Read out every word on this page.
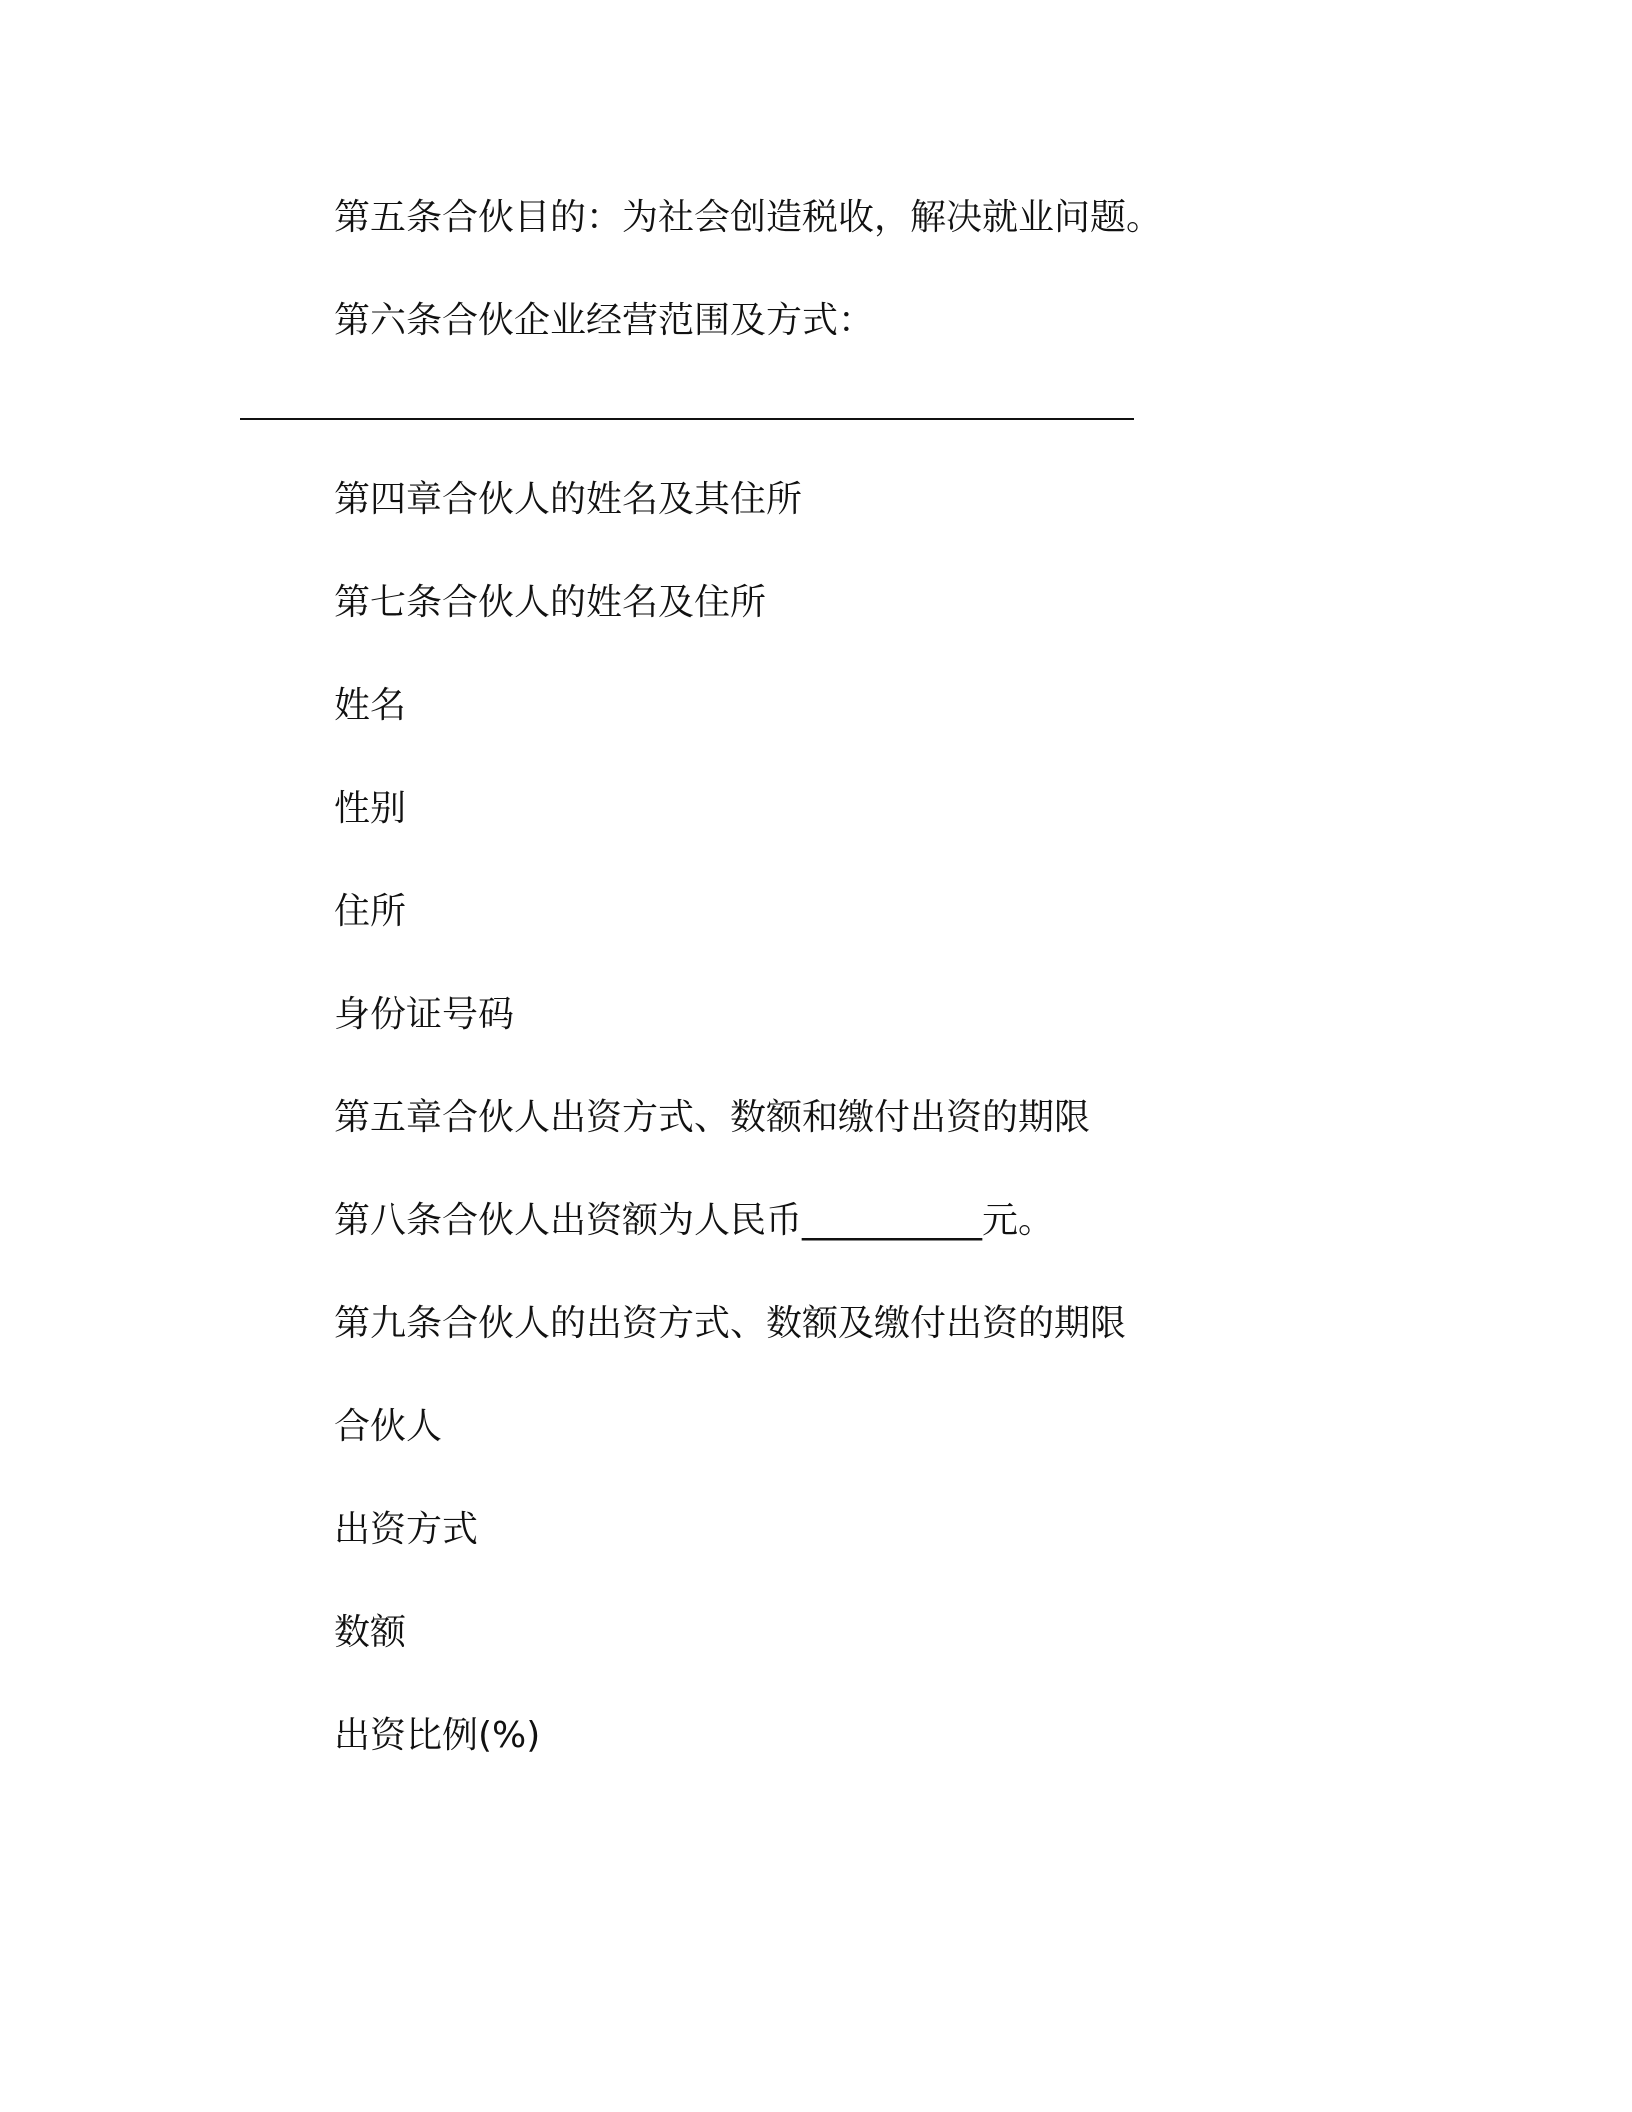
第五条合伙目的：为社会创造税收，解决就业问题。
第六条合伙企业经营范围及方式：
第四章合伙人的姓名及其住所
第七条合伙人的姓名及住所
姓名
性别
住所
身份证号码
第五章合伙人出资方式、数额和缴付出资的期限
第八条合伙人出资额为人民币__________元。
第九条合伙人的出资方式、数额及缴付出资的期限
合伙人
出资方式
数额
出资比例(%)
